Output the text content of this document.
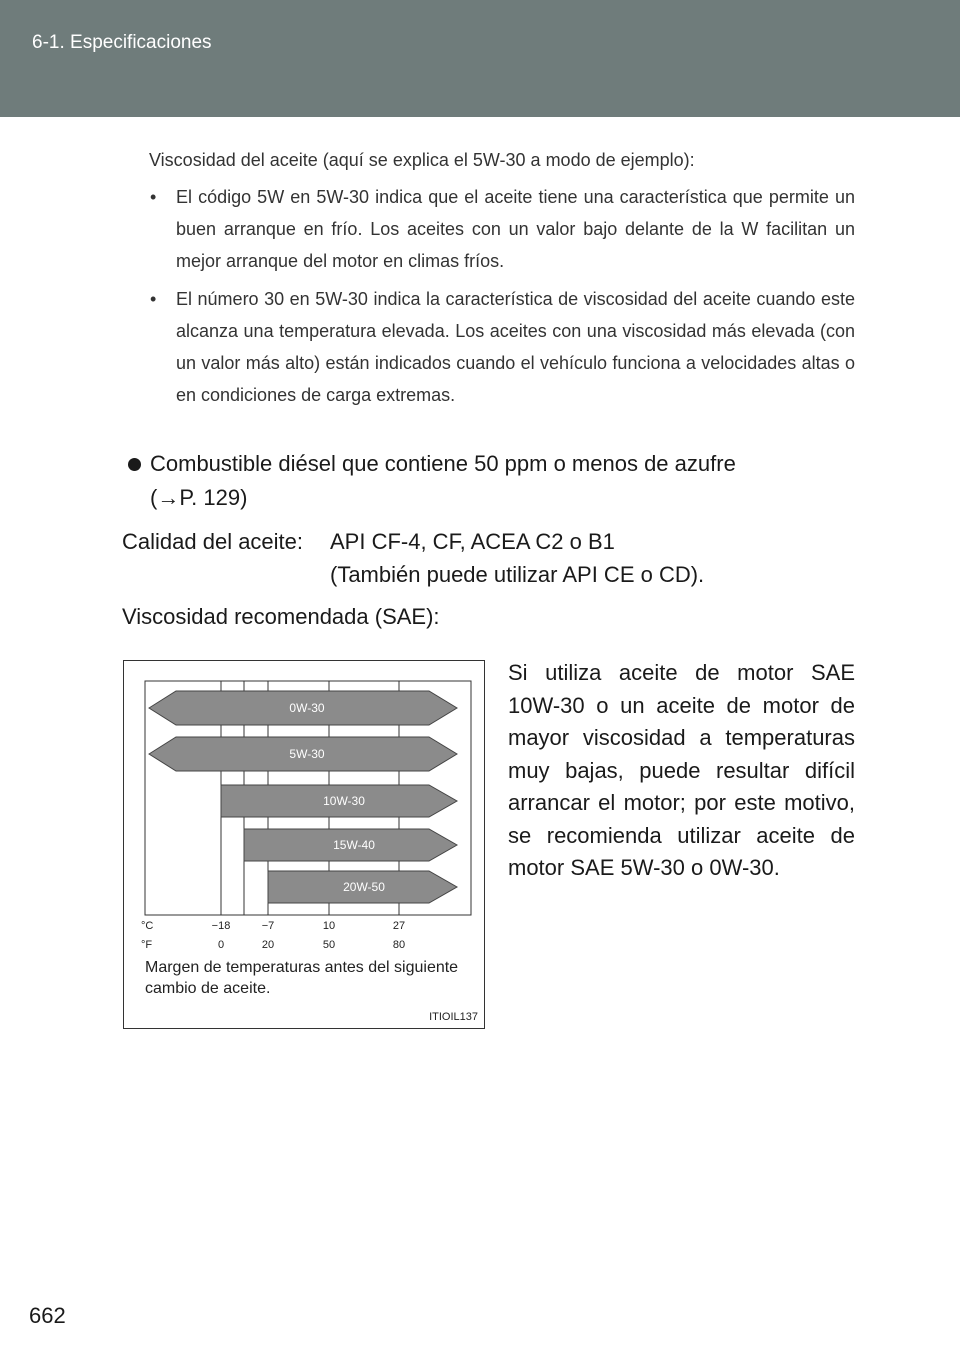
6-1. Especificaciones
Viscosidad del aceite (aquí se explica el 5W-30 a modo de ejemplo):
• El código 5W en 5W-30 indica que el aceite tiene una característica que permite un buen arranque en frío. Los aceites con un valor bajo delante de la W facilitan un mejor arranque del motor en climas fríos.
• El número 30 en 5W-30 indica la característica de viscosidad del aceite cuando este alcanza una temperatura elevada. Los aceites con una viscosidad más elevada (con un valor más alto) están indicados cuando el vehículo funciona a velocidades altas o en condiciones de carga extremas.
Combustible diésel que contiene 50 ppm o menos de azufre
(→P. 129)
Calidad del aceite: API CF-4, CF, ACEA C2 o B1
(También puede utilizar API CE o CD).
Viscosidad recomendada (SAE):
0W-30
5W-30
10W-30
15W-40
20W-50
°C	−18	−7	10	27
°F	0	20	50	80
Margen de temperaturas antes del siguiente cambio de aceite.
ITIOIL137
Si utiliza aceite de motor SAE 10W-30 o un aceite de motor de mayor viscosidad a temperaturas muy bajas, puede resultar difícil arrancar el motor; por este motivo, se recomienda utilizar aceite de motor SAE 5W-30 o 0W-30.
662
